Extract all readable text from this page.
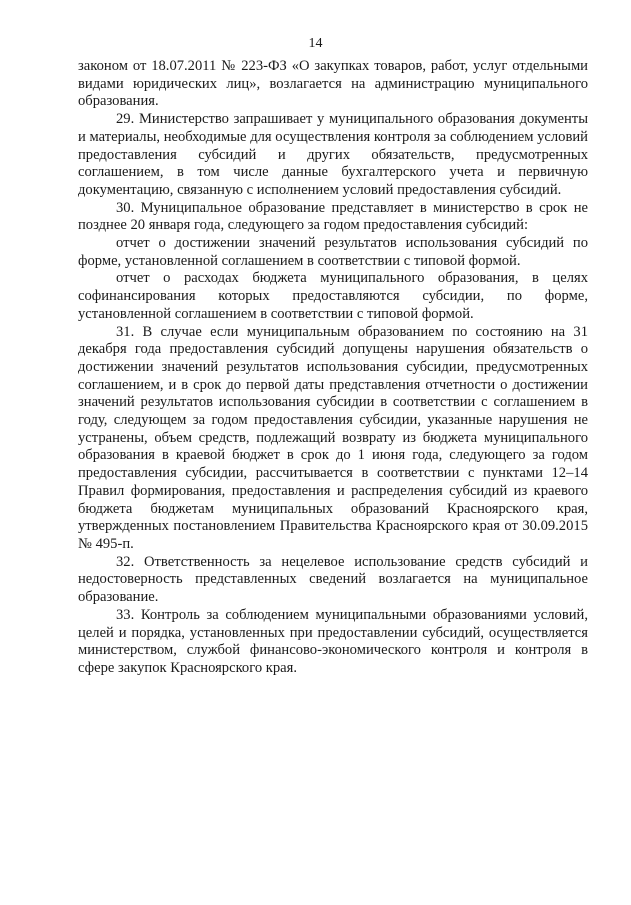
14

законом от 18.07.2011 № 223-ФЗ «О закупках товаров, работ, услуг отдельными видами юридических лиц», возлагается на администрацию муниципального образования.

29. Министерство запрашивает у муниципального образования документы и материалы, необходимые для осуществления контроля за соблюдением условий предоставления субсидий и других обязательств, предусмотренных соглашением, в том числе данные бухгалтерского учета и первичную документацию, связанную с исполнением условий предоставления субсидий.

30. Муниципальное образование представляет в министерство в срок не позднее 20 января года, следующего за годом предоставления субсидий:

отчет о достижении значений результатов использования субсидий по форме, установленной соглашением в соответствии с типовой формой.

отчет о расходах бюджета муниципального образования, в целях софинансирования которых предоставляются субсидии, по форме, установленной соглашением в соответствии с типовой формой.

31. В случае если муниципальным образованием по состоянию на 31 декабря года предоставления субсидий допущены нарушения обязательств о достижении значений результатов использования субсидии, предусмотренных соглашением, и в срок до первой даты представления отчетности о достижении значений результатов использования субсидии в соответствии с соглашением в году, следующем за годом предоставления субсидии, указанные нарушения не устранены, объем средств, подлежащий возврату из бюджета муниципального образования в краевой бюджет в срок до 1 июня года, следующего за годом предоставления субсидии, рассчитывается в соответствии с пунктами 12–14 Правил формирования, предоставления и распределения субсидий из краевого бюджета бюджетам муниципальных образований Красноярского края, утвержденных постановлением Правительства Красноярского края от 30.09.2015 № 495-п.

32. Ответственность за нецелевое использование средств субсидий и недостоверность представленных сведений возлагается на муниципальное образование.

33. Контроль за соблюдением муниципальными образованиями условий, целей и порядка, установленных при предоставлении субсидий, осуществляется министерством, службой финансово-экономического контроля и контроля в сфере закупок Красноярского края.
